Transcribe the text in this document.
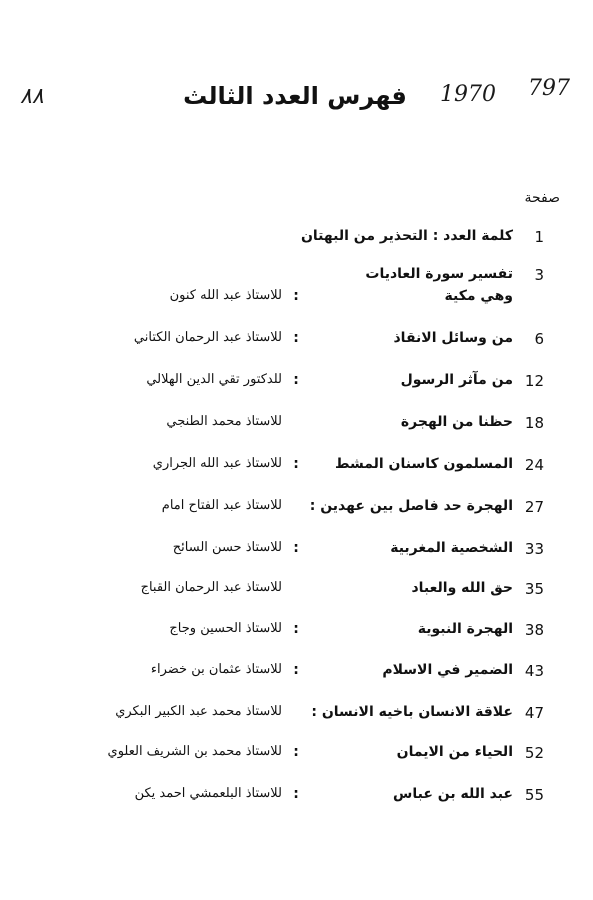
٨٨	فهرس العدد الثالث	1970 797
صفحة
1
كلمة العدد : التحذير من البهتان
3
تفسير سورة العاديات
وهي مكية
:
للاستاذ عبد الله كنون
6
من وسائل الانقاذ
:
للاستاذ عبد الرحمان الكتاني
12
من مآثر الرسول
:
للدكتور تقي الدين الهلالي
18
حظنا من الهجرة
للاستاذ محمد الطنجي
24
المسلمون كاسنان المشط
:
للاستاذ عبد الله الجراري
27
الهجرة حد فاصل بين عهدين :
للاستاذ عبد الفتاح امام
33
الشخصية المغربية
:
للاستاذ حسن السائح
35
حق الله والعباد
للاستاذ عبد الرحمان القباج
38
الهجرة النبوية
:
للاستاذ الحسين وجاج
43
الضمير في الاسلام
:
للاستاذ عثمان بن خضراء
47
علاقة الانسان باخيه الانسان :
للاستاذ محمد عبد الكبير البكري
52
الحياء من الايمان
:
للاستاذ محمد بن الشريف العلوي
55
عبد الله بن عباس
:
للاستاذ البلعمشي احمد يكن
